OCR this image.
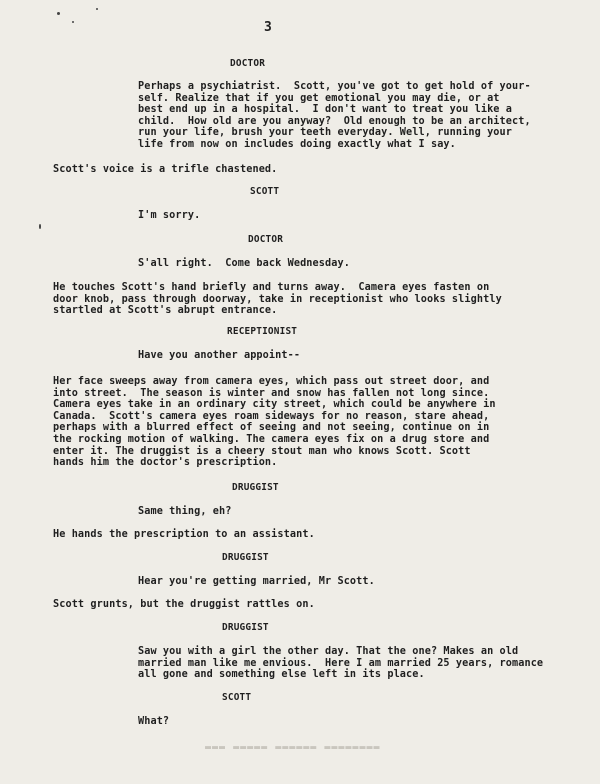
3
DOCTOR
Perhaps a psychiatrist.  Scott, you've got to get hold of your-
self. Realize that if you get emotional you may die, or at
best end up in a hospital.  I don't want to treat you like a
child.  How old are you anyway?  Old enough to be an architect,
run your life, brush your teeth everyday. Well, running your
life from now on includes doing exactly what I say.
Scott's voice is a trifle chastened.
SCOTT
I'm sorry.
DOCTOR
S'all right.  Come back Wednesday.
He touches Scott's hand briefly and turns away.  Camera eyes fasten on
door knob, pass through doorway, take in receptionist who looks slightly
startled at Scott's abrupt entrance.
RECEPTIONIST
Have you another appoint--
Her face sweeps away from camera eyes, which pass out street door, and
into street.  The season is winter and snow has fallen not long since.
Camera eyes take in an ordinary city street, which could be anywhere in
Canada.  Scott's camera eyes roam sideways for no reason, stare ahead,
perhaps with a blurred effect of seeing and not seeing, continue on in
the rocking motion of walking. The camera eyes fix on a drug store and
enter it. The druggist is a cheery stout man who knows Scott. Scott
hands him the doctor's prescription.
DRUGGIST
Same thing, eh?
He hands the prescription to an assistant.
DRUGGIST
Hear you're getting married, Mr Scott.
Scott grunts, but the druggist rattles on.
DRUGGIST
Saw you with a girl the other day. That the one? Makes an old
married man like me envious.  Here I am married 25 years, romance
all gone and something else left in its place.
SCOTT
What?
▬▬▬ ▬▬▬▬▬ ▬▬▬▬▬▬ ▬▬▬▬▬▬▬▬
